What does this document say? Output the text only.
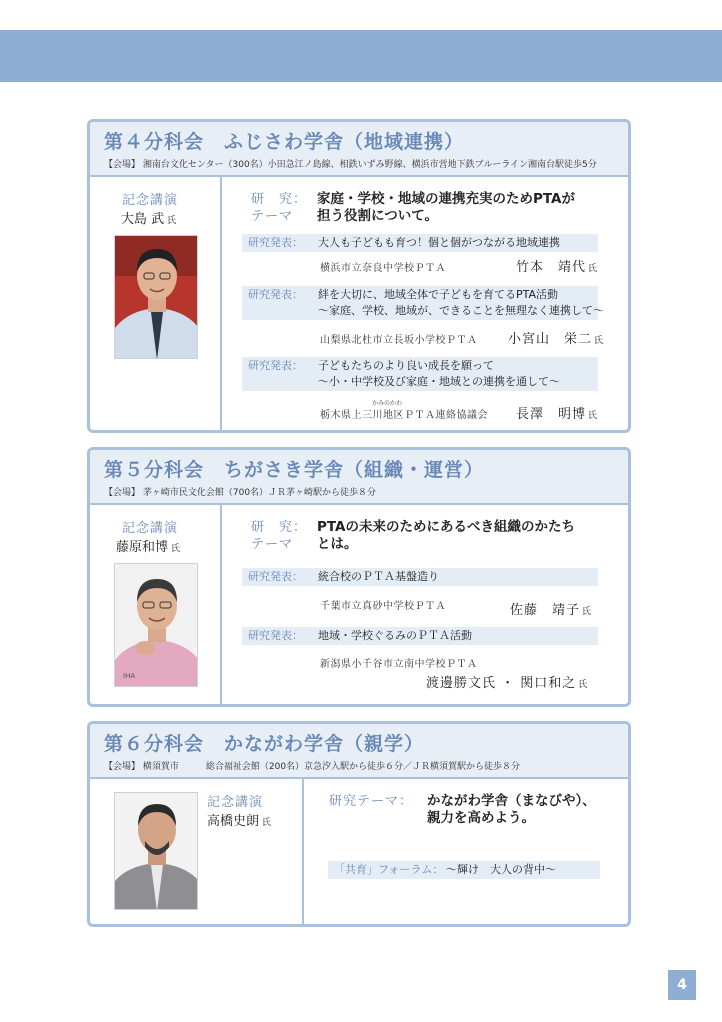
第４分科会　ふじさわ学舎（地域連携）
【会場】 湘南台文化センター（300名）小田急江ノ島線、相鉄いずみ野線、横浜市営地下鉄ブルーライン湘南台駅徒歩5分
記念講演
大島 武 氏
研　究：
テーマ
家庭・学校・地域の連携充実のためPTAが
担う役割について。
研究発表： 大人も子どもも育つ！個と個がつながる地域連携
横浜市立奈良中学校ＰＴＡ	竹本　靖代 氏
研究発表： 絆を大切に、地域全体で子どもを育てるPTA活動
～家庭、学校、地域が、できることを無理なく連携して～
山梨県北杜市立長坂小学校ＰＴＡ 小宮山　栄二 氏
研究発表： 子どもたちのより良い成長を願って
～小・中学校及び家庭・地域との連携を通して～
かみのかわ
栃木県上三川地区ＰＴＡ連絡協議会 長澤　明博 氏
第５分科会　ちがさき学舎（組織・運営）
【会場】 茅ヶ崎市民文化会館（700名）ＪＲ茅ヶ崎駅から徒歩８分
記念講演
藤原和博 氏
IHA
研　究：
テーマ
PTAの未来のためにあるべき組織のかたち
とは。
研究発表： 統合校のＰＴＡ基盤造り
千葉市立真砂中学校ＰＴＡ	佐藤　靖子 氏
研究発表： 地域・学校ぐるみのＰＴＡ活動
新潟県小千谷市立南中学校ＰＴＡ
渡邊勝文氏 ・ 関口和之 氏
第６分科会　かながわ学舎（親学）
【会場】 横須賀市　　　総合福祉会館（200名）京急汐入駅から徒歩６分／ＪＲ横須賀駅から徒歩８分
記念講演
高橋史朗 氏
研究テーマ： かながわ学舎（まなびや）、
親力を高めよう。
「共育」フォーラム： ～輝け　大人の背中～
4
